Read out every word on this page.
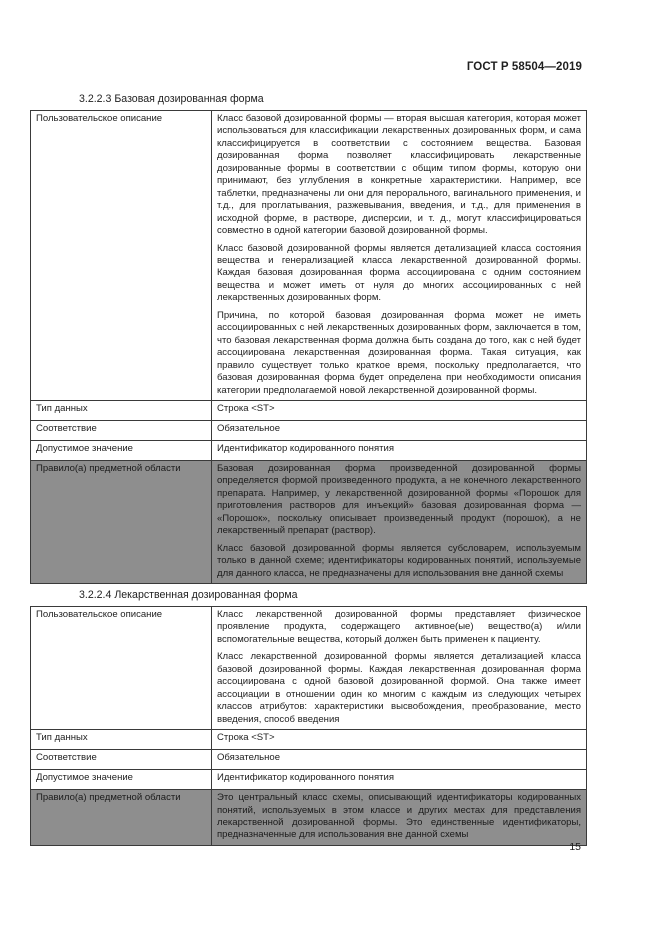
ГОСТ Р 58504—2019
3.2.2.3 Базовая дозированная форма
Пользовательское описание	Класс базовой дозированной формы — вторая высшая категория, которая может использоваться для классификации лекарственных дозированных форм, и сама классифицируется в соответствии с состоянием вещества. Базовая дозированная форма позволяет классифицировать лекарственные дозированные формы в соответствии с общим типом формы, которую они принимают, без углубления в конкретные характеристики. Например, все таблетки, предназначены ли они для перорального, вагинального применения, и т.д., для проглатывания, разжевывания, введения, и т.д., для применения в исходной форме, в растворе, дисперсии, и т. д., могут классифицироваться совместно в одной категории базовой дозированной формы.

Класс базовой дозированной формы является детализацией класса состояния вещества и генерализацией класса лекарственной дозированной формы. Каждая базовая дозированная форма ассоциирована с одним состоянием вещества и может иметь от нуля до многих ассоциированных с ней лекарственных дозированных форм.

Причина, по которой базовая дозированная форма может не иметь ассоциированных с ней лекарственных дозированных форм, заключается в том, что базовая лекарственная форма должна быть создана до того, как с ней будет ассоциирована лекарственная дозированная форма. Такая ситуация, как правило существует только краткое время, поскольку предполагается, что базовая дозированная форма будет определена при необходимости описания категории предполагаемой новой лекарственной дозированной формы.

Тип данных	Строка <ST>
Соответствие	Обязательное
Допустимое значение	Идентификатор кодированного понятия
Правило(а) предметной области	Базовая дозированная форма произведенной дозированной формы определяется формой произведенного продукта, а не конечного лекарственного препарата. Например, у лекарственной дозированной формы «Порошок для приготовления растворов для инъекций» базовая дозированная форма — «Порошок», поскольку описывает произведенный продукт (порошок), а не лекарственный препарат (раствор).

Класс базовой дозированной формы является субсловарем, используемым только в данной схеме; идентификаторы кодированных понятий, используемые для данного класса, не предназначены для использования вне данной схемы

3.2.2.4 Лекарственная дозированная форма
Пользовательское описание	Класс лекарственной дозированной формы представляет физическое проявление продукта, содержащего активное(ые) вещество(а) и/или вспомогательные вещества, который должен быть применен к пациенту.

Класс лекарственной дозированной формы является детализацией класса базовой дозированной формы. Каждая лекарственная дозированная форма ассоциирована с одной базовой дозированной формой. Она также имеет ассоциации в отношении один ко многим с каждым из следующих четырех классов атрибутов: характеристики высвобождения, преобразование, место введения, способ введения

Тип данных	Строка <ST>
Соответствие	Обязательное
Допустимое значение	Идентификатор кодированного понятия
Правило(а) предметной области	Это центральный класс схемы, описывающий идентификаторы кодированных понятий, используемых в этом классе и других местах для представления лекарственной дозированной формы. Это единственные идентификаторы, предназначенные для использования вне данной схемы

15
